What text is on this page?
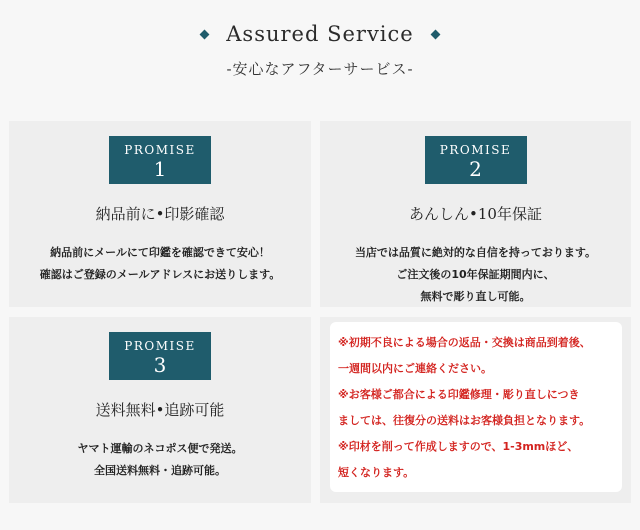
Assured Service
-安心なアフターサービス-
PROMISE
1
納品前に•印影確認
納品前にメールにて印鑑を確認できて安心！
確認はご登録のメールアドレスにお送りします。
PROMISE
2
あんしん•10年保証
当店では品質に絶対的な自信を持っております。
ご注文後の10年保証期間内に、
無料で彫り直し可能。
PROMISE
3
送料無料•追跡可能
ヤマト運輸のネコポス便で発送。
全国送料無料・追跡可能。
※初期不良による場合の返品・交換は商品到着後、
一週間以内にご連絡ください。
※お客様ご都合による印鑑修理・彫り直しにつき
ましては、往復分の送料はお客様負担となります。
※印材を削って作成しますので、1-3mmほど、
短くなります。
